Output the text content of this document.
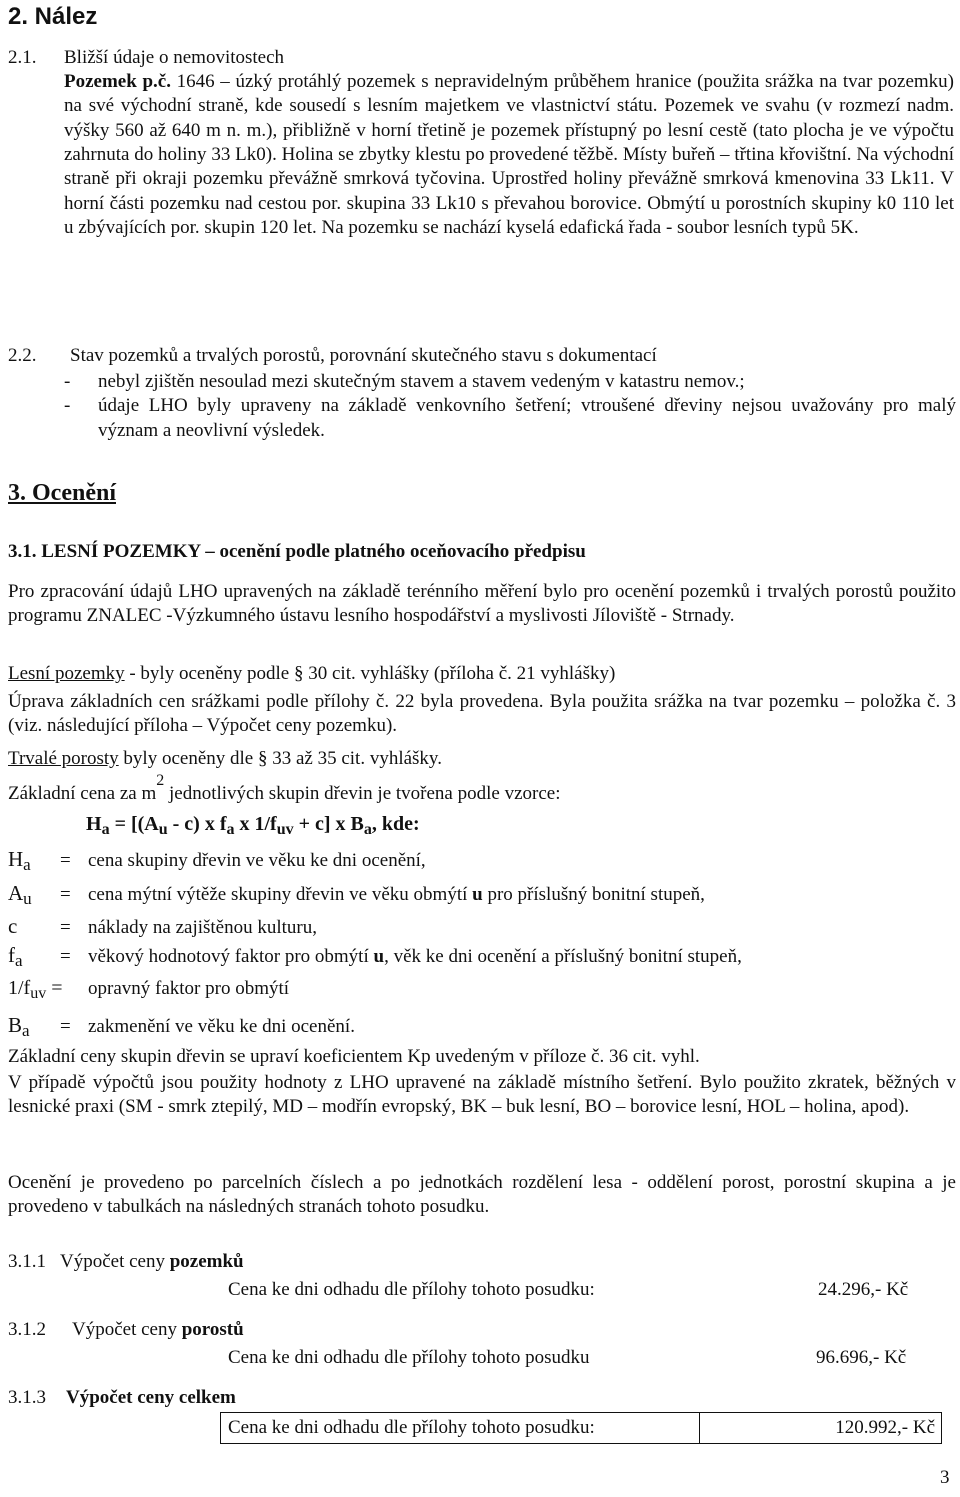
2. Nález
2.1. Bližší údaje o nemovitostech
Pozemek p.č. 1646 – úzký protáhlý pozemek s nepravidelným průběhem hranice (použita srážka na tvar pozemku) na své východní straně, kde sousedí s lesním majetkem ve vlastnictví státu. Pozemek ve svahu (v rozmezí nadm. výšky 560 až 640 m n. m.), přibližně v horní třetině je pozemek přístupný po lesní cestě (tato plocha je ve výpočtu zahrnuta do holiny 33 Lk0). Holina se zbytky klestu po provedené těžbě. Místy buřeň – třtina křovištní. Na východní straně při okraji pozemku převážně smrková tyčovina. Uprostřed holiny převážně smrková kmenovina 33 Lk11. V horní části pozemku nad cestou por. skupina 33 Lk10 s převahou borovice. Obmýtí u porostních skupiny k0 110 let u zbývajících por. skupin 120 let. Na pozemku se nachází kyselá edafická řada - soubor lesních typů 5K.
2.2. Stav pozemků a trvalých porostů, porovnání skutečného stavu s dokumentací
-	nebyl zjištěn nesoulad mezi skutečným stavem a stavem vedeným v katastru nemov.;
-	údaje LHO byly upraveny na základě venkovního šetření; vtroušené dřeviny nejsou uvažovány pro malý význam a neovlivní výsledek.
3. Ocenění
3.1. LESNÍ POZEMKY – ocenění podle platného oceňovacího předpisu
Pro zpracování údajů LHO upravených na základě terénního měření bylo pro ocenění pozemků i trvalých porostů použito programu ZNALEC -Výzkumného ústavu lesního hospodářství a myslivosti Jíloviště - Strnady.
Lesní pozemky - byly oceněny podle § 30 cit. vyhlášky (příloha č. 21 vyhlášky)
Úprava základních cen srážkami podle přílohy č. 22 byla provedena. Byla použita srážka na tvar pozemku – položka č. 3 (viz. následující příloha – Výpočet ceny pozemku).
Trvalé porosty byly oceněny dle § 33 až 35 cit. vyhlášky.
Základní cena za $m^2$ jednotlivých skupin dřevin je tvořena podle vzorce:
$H_a = [(A_u - c)$ x $f_a$ x $1/f_{uv} + c$] x $B_a$, kde:
$H_a$ = cena skupiny dřevin ve věku ke dni ocenění,
$A_u$ = cena mýtní výtěže skupiny dřevin ve věku obmýtí u pro příslušný bonitní stupeň,
c = náklady na zajištěnou kulturu,
$f_a$ = věkový hodnotový faktor pro obmýtí u, věk ke dni ocenění a příslušný bonitní stupeň,
$1/f_{uv}$ = opravný faktor pro obmýtí
$B_a$ = zakmenění ve věku ke dni ocenění.
Základní ceny skupin dřevin se upraví koeficientem Kp uvedeným v příloze č. 36 cit. vyhl.
V případě výpočtů jsou použity hodnoty z LHO upravené na základě místního šetření. Bylo použito zkratek, běžných v lesnické praxi (SM - smrk ztepilý, MD – modřín evropský, BK – buk lesní, BO – borovice lesní, HOL – holina, apod).
Ocenění je provedeno po parcelních číslech a po jednotkách rozdělení lesa - oddělení porost, porostní skupina a je provedeno v tabulkách na následných stranách tohoto posudku.
3.1.1 Výpočet ceny pozemků
Cena ke dni odhadu dle přílohy tohoto posudku:	24.296,- Kč
3.1.2 Výpočet ceny porostů
Cena ke dni odhadu dle přílohy tohoto posudku	96.696,- Kč
3.1.3 Výpočet ceny celkem
Cena ke dni odhadu dle přílohy tohoto posudku:	120.992,- Kč
3
